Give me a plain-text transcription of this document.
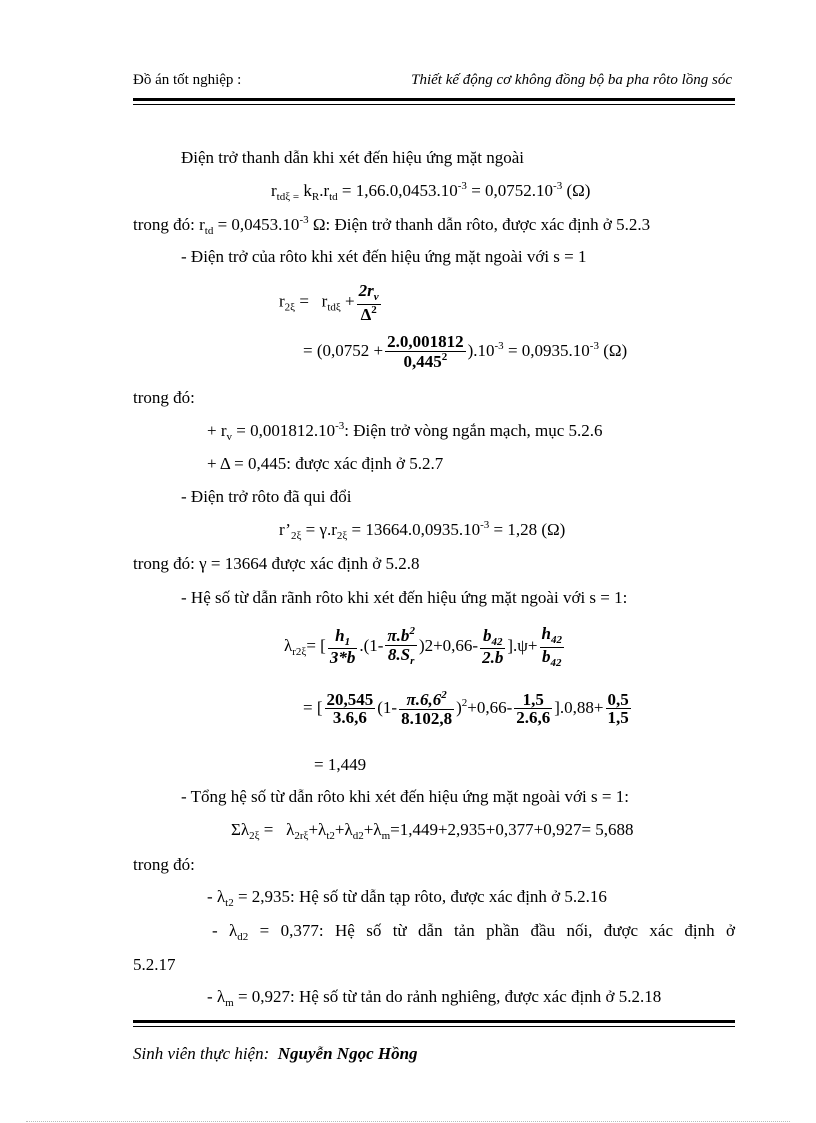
Đồ án tốt nghiệp :	Thiết kế động cơ không đồng bộ ba pha rôto lồng sóc
Điện trở thanh dẫn khi xét đến hiệu ứng mặt ngoài
$r_{td\xi =}$ $k_R.r_{td} = 1,66.0,0453.10^{-3} = 0,0752.10^{-3}$ (Ω)
trong đó: $r_{td} = 0,0453.10^{-3}$ Ω: Điện trở thanh dẫn rôto, được xác định ở 5.2.3
- Điện trở của rôto khi xét đến hiệu ứng mặt ngoài với s = 1
$r_{2\xi} = r_{td\xi} + \frac{2r_v}{\Delta^2}$
= $(0,0752 + \frac{2.0,001812}{0,445^2} ).10^{-3} = 0,0935.10^{-3}$ (Ω)
trong đó:
+ $r_v = 0,001812.10^{-3}$: Điện trở vòng ngắn mạch, mục 5.2.6
+ Δ = 0,445: được xác định ở 5.2.7
- Điện trở rôto đã qui đổi
$r’_{2\xi} = \gamma.r_{2\xi} = 13664.0,0935.10^{-3} = 1,28$ (Ω)
trong đó: γ = 13664 được xác định ở 5.2.8
- Hệ số từ dẫn rãnh rôto khi xét đến hiệu ứng mặt ngoài với s = 1:
$\lambda_{r2\xi}=$ [ $\frac{h_1}{3*b} .(1- \frac{\pi.b^2}{8.S_r} )2+0,66- \frac{b_{42}}{2.b} ].\psi+ \frac{h_{42}}{b_{42}}$
= [ $\frac{20,545}{3.6,6} (1- \frac{\pi.6,6^2}{8.102,8} )^2+0,66- \frac{1,5}{2.6,6} ].0,88+ \frac{0,5}{1,5}$
= 1,449
- Tổng hệ số từ dẫn rôto khi xét đến hiệu ứng mặt ngoài với s = 1:
$\Sigma\lambda_{2\xi} = \lambda_{2r\xi}+\lambda_{t2}+\lambda_{d2}+\lambda_m=1,449+2,935+0,377+0,927= 5,688$
trong đó:
- $\lambda_{t2} = 2,935$: Hệ số từ dẫn tạp rôto, được xác định ở 5.2.16
- $\lambda_{d2} = 0,377$: Hệ số từ dẫn tản phần đầu nối, được xác định ở
5.2.17
- $\lambda_m = 0,927$: Hệ số từ tản do rảnh nghiêng, được xác định ở 5.2.18
Sinh viên thực hiện: Nguyễn Ngọc Hồng
